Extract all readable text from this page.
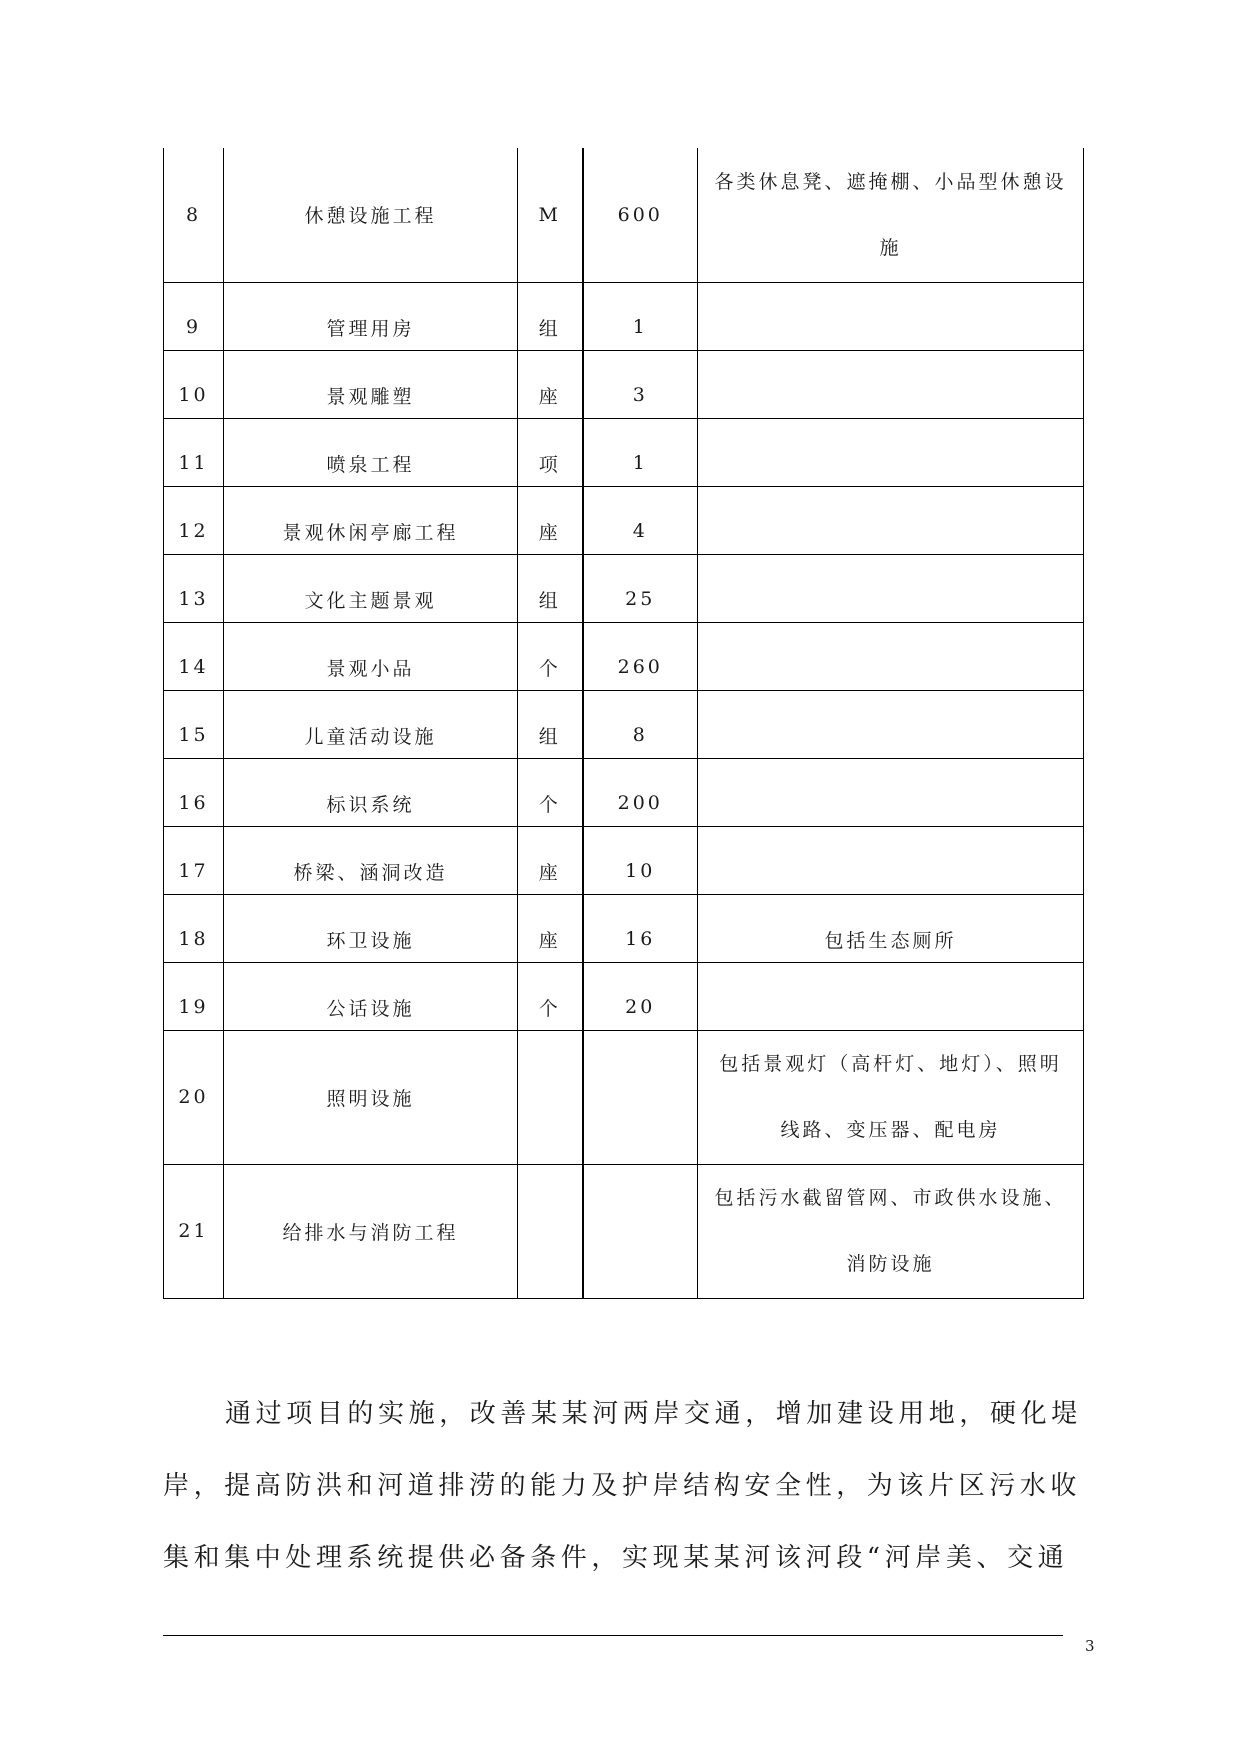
8	休憩设施工程	M	600	各类休息凳、遮掩棚、小品型休憩设施

9	管理用房	组	1	

10	景观雕塑	座	3	

11	喷泉工程	项	1	

12	景观休闲亭廊工程	座	4	

13	文化主题景观	组	25	

14	景观小品	个	260	

15	儿童活动设施	组	8	

16	标识系统	个	200	

17	桥梁、涵洞改造	座	10	

18	环卫设施	座	16	包括生态厕所

19	公话设施	个	20	

20	照明设施			包括景观灯（高杆灯、地灯）、照明线路、变压器、配电房

21	给排水与消防工程			包括污水截留管网、市政供水设施、消防设施

通过项目的实施，改善某某河两岸交通，增加建设用地，硬化堤岸，提高防洪和河道排涝的能力及护岸结构安全性，为该片区污水收集和集中处理系统提供必备条件，实现某某河该河段“河岸美、交通

3
